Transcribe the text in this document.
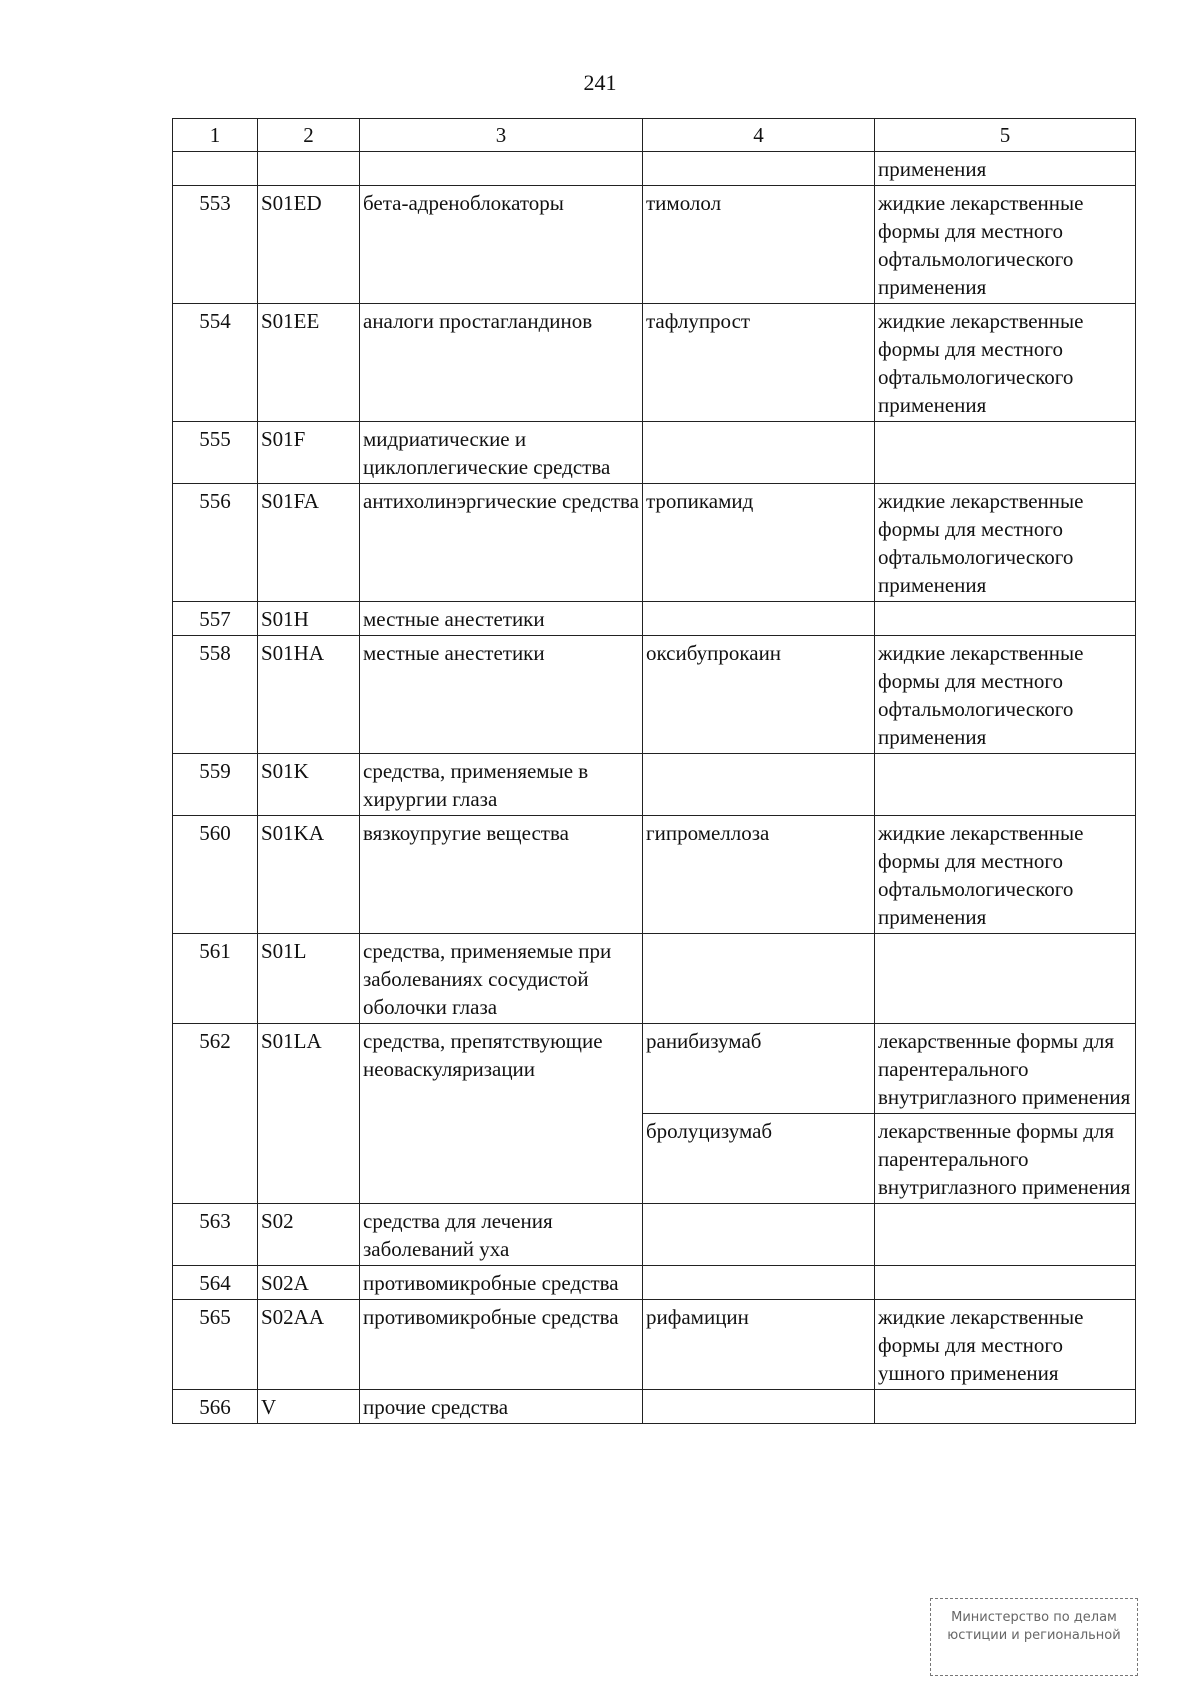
241
1	2	3	4	5
				применения
553	S01ED	бета-адреноблокаторы	тимолол	жидкие лекарственные формы для местного офтальмологического применения
554	S01EE	аналоги простагландинов	тафлупрост	жидкие лекарственные формы для местного офтальмологического применения
555	S01F	мидриатические и циклоплегические средства		
556	S01FA	антихолинэргические средства	тропикамид	жидкие лекарственные формы для местного офтальмологического применения
557	S01H	местные анестетики		
558	S01HA	местные анестетики	оксибупрокаин	жидкие лекарственные формы для местного офтальмологического применения
559	S01K	средства, применяемые в хирургии глаза		
560	S01KA	вязкоупругие вещества	гипромеллоза	жидкие лекарственные формы для местного офтальмологического применения
561	S01L	средства, применяемые при заболеваниях сосудистой оболочки глаза		
562	S01LA	средства, препятствующие неоваскуляризации	ранибизумаб	лекарственные формы для парентерального внутриглазного применения
			бролуцизумаб	лекарственные формы для парентерального внутриглазного применения
563	S02	средства для лечения заболеваний уха		
564	S02A	противомикробные средства		
565	S02AA	противомикробные средства	рифамицин	жидкие лекарственные формы для местного ушного применения
566	V	прочие средства		
Министерство по делам
юстиции и региональной
